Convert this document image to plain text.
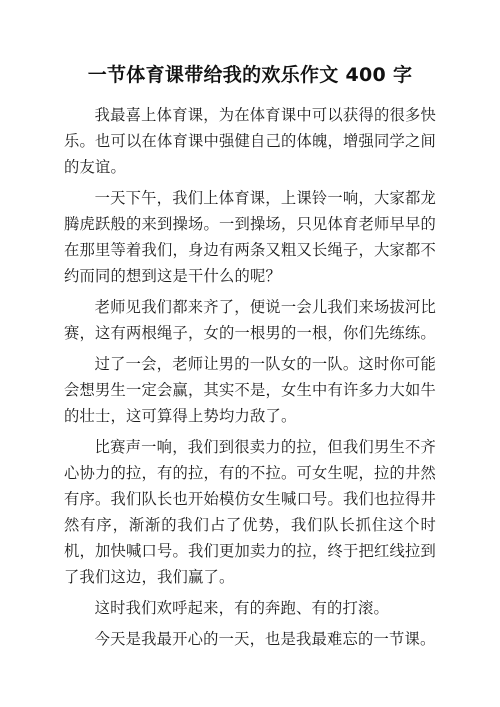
一节体育课带给我的欢乐作文 400 字

我最喜上体育课，为在体育课中可以获得的很多快乐。也可以在体育课中强健自己的体魄，增强同学之间的友谊。

一天下午，我们上体育课，上课铃一响，大家都龙腾虎跃般的来到操场。一到操场，只见体育老师早早的在那里等着我们，身边有两条又粗又长绳子，大家都不约而同的想到这是干什么的呢？

老师见我们都来齐了，便说一会儿我们来场拔河比赛，这有两根绳子，女的一根男的一根，你们先练练。

过了一会，老师让男的一队女的一队。这时你可能会想男生一定会赢，其实不是，女生中有许多力大如牛的壮士，这可算得上势均力敌了。

比赛声一响，我们到很卖力的拉，但我们男生不齐心协力的拉，有的拉，有的不拉。可女生呢，拉的井然有序。我们队长也开始模仿女生喊口号。我们也拉得井然有序，渐渐的我们占了优势，我们队长抓住这个时机，加快喊口号。我们更加卖力的拉，终于把红线拉到了我们这边，我们赢了。

这时我们欢呼起来，有的奔跑、有的打滚。

今天是我最开心的一天，也是我最难忘的一节课。
